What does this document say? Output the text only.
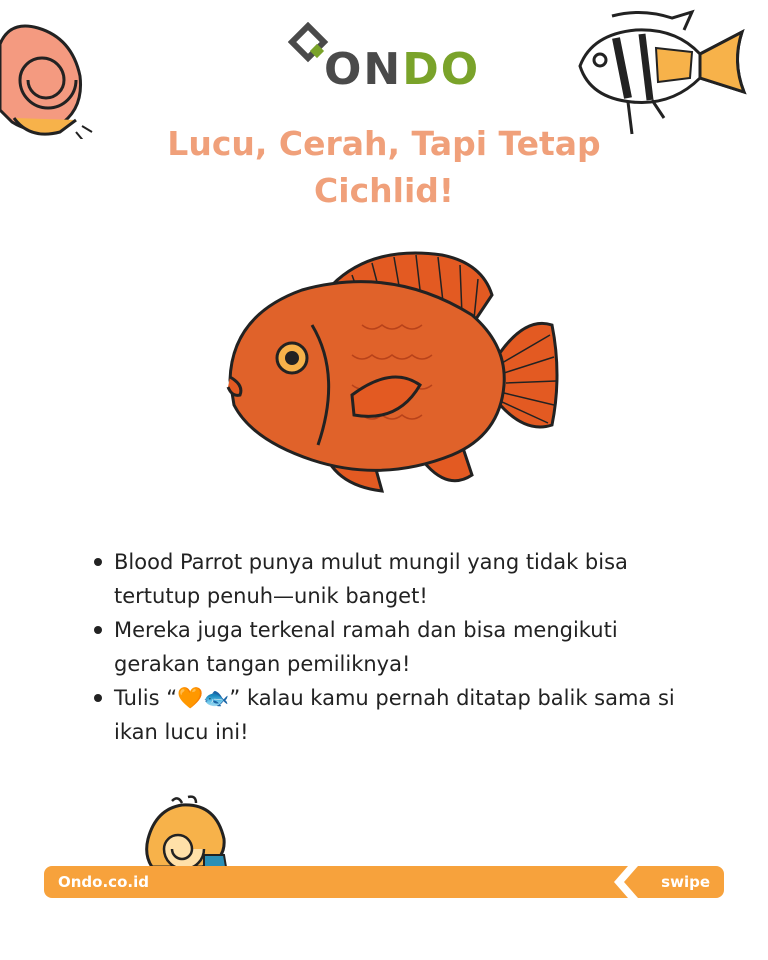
ONDO
Lucu, Cerah, Tapi Tetap Cichlid!
Blood Parrot punya mulut mungil yang tidak bisa tertutup penuh—unik banget!
Mereka juga terkenal ramah dan bisa mengikuti gerakan tangan pemiliknya!
Tulis “🧡🐟” kalau kamu pernah ditatap balik sama si ikan lucu ini!
Ondo.co.id	swipe
